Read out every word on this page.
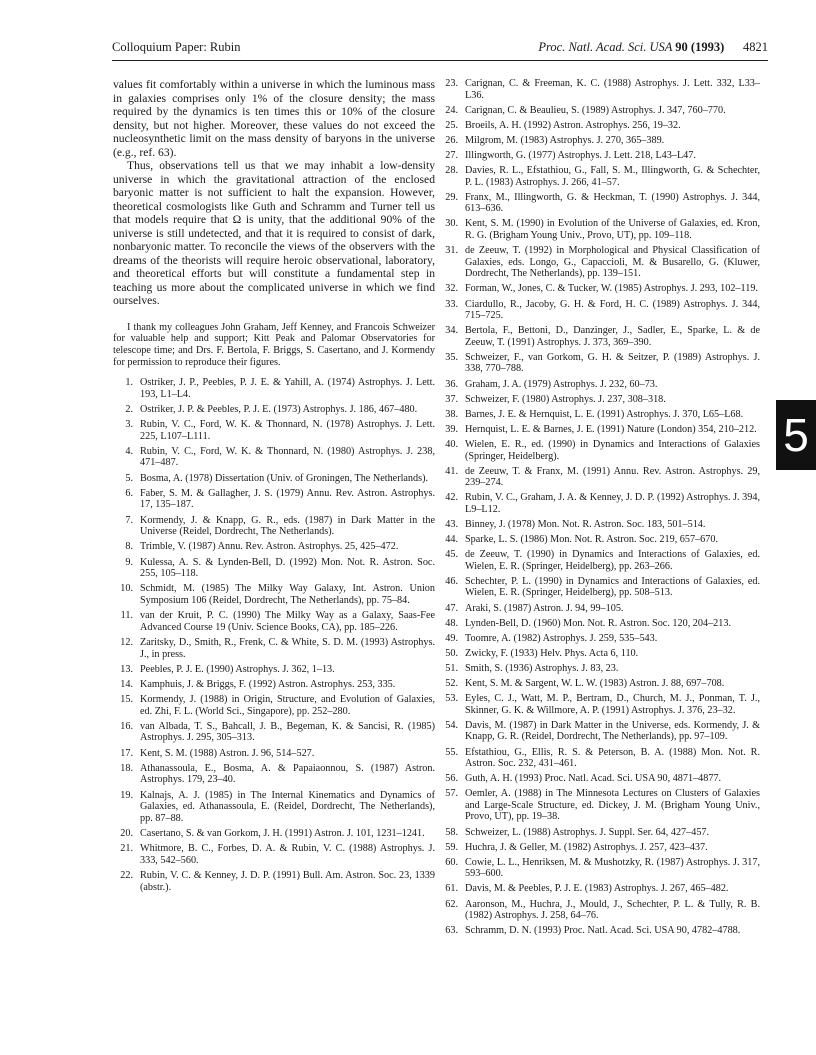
Colloquium Paper: Rubin	Proc. Natl. Acad. Sci. USA 90 (1993) 4821

values fit comfortably within a universe in which the luminous mass in galaxies comprises only 1% of the closure density; the mass required by the dynamics is ten times this or 10% of the closure density, but not higher. Moreover, these values do not exceed the nucleosynthetic limit on the mass density of baryons in the universe (e.g., ref. 63).

Thus, observations tell us that we may inhabit a low-density universe in which the gravitational attraction of the enclosed baryonic matter is not sufficient to halt the expansion. However, theoretical cosmologists like Guth and Schramm and Turner tell us that models require that Ω is unity, that the additional 90% of the universe is still undetected, and that it is required to consist of dark, nonbaryonic matter. To reconcile the views of the observers with the dreams of the theorists will require heroic observational, laboratory, and theoretical efforts but will constitute a fundamental step in teaching us more about the complicated universe in which we find ourselves.

I thank my colleagues John Graham, Jeff Kenney, and Francois Schweizer for valuable help and support; Kitt Peak and Palomar Observatories for telescope time; and Drs. F. Bertola, F. Briggs, S. Casertano, and J. Kormendy for permission to reproduce their figures.

1. Ostriker, J. P., Peebles, P. J. E. & Yahill, A. (1974) Astrophys. J. Lett. 193, L1–L4.
2. Ostriker, J. P. & Peebles, P. J. E. (1973) Astrophys. J. 186, 467–480.
3. Rubin, V. C., Ford, W. K. & Thonnard, N. (1978) Astrophys. J. Lett. 225, L107–L111.
4. Rubin, V. C., Ford, W. K. & Thonnard, N. (1980) Astrophys. J. 238, 471–487.
5. Bosma, A. (1978) Dissertation (Univ. of Groningen, The Netherlands).
6. Faber, S. M. & Gallagher, J. S. (1979) Annu. Rev. Astron. Astrophys. 17, 135–187.
7. Kormendy, J. & Knapp, G. R., eds. (1987) in Dark Matter in the Universe (Reidel, Dordrecht, The Netherlands).
8. Trimble, V. (1987) Annu. Rev. Astron. Astrophys. 25, 425–472.
9. Kulessa, A. S. & Lynden-Bell, D. (1992) Mon. Not. R. Astron. Soc. 255, 105–118.
10. Schmidt, M. (1985) The Milky Way Galaxy, Int. Astron. Union Symposium 106 (Reidel, Dordrecht, The Netherlands), pp. 75–84.
11. van der Kruit, P. C. (1990) The Milky Way as a Galaxy, Saas-Fee Advanced Course 19 (Univ. Science Books, CA), pp. 185–226.
12. Zaritsky, D., Smith, R., Frenk, C. & White, S. D. M. (1993) Astrophys. J., in press.
13. Peebles, P. J. E. (1990) Astrophys. J. 362, 1–13.
14. Kamphuis, J. & Briggs, F. (1992) Astron. Astrophys. 253, 335.
15. Kormendy, J. (1988) in Origin, Structure, and Evolution of Galaxies, ed. Zhi, F. L. (World Sci., Singapore), pp. 252–280.
16. van Albada, T. S., Bahcall, J. B., Begeman, K. & Sancisi, R. (1985) Astrophys. J. 295, 305–313.
17. Kent, S. M. (1988) Astron. J. 96, 514–527.
18. Athanassoula, E., Bosma, A. & Papaiaonnou, S. (1987) Astron. Astrophys. 179, 23–40.
19. Kalnajs, A. J. (1985) in The Internal Kinematics and Dynamics of Galaxies, ed. Athanassoula, E. (Reidel, Dordrecht, The Netherlands), pp. 87–88.
20. Casertano, S. & van Gorkom, J. H. (1991) Astron. J. 101, 1231–1241.
21. Whitmore, B. C., Forbes, D. A. & Rubin, V. C. (1988) Astrophys. J. 333, 542–560.
22. Rubin, V. C. & Kenney, J. D. P. (1991) Bull. Am. Astron. Soc. 23, 1339 (abstr.).
23. Carignan, C. & Freeman, K. C. (1988) Astrophys. J. Lett. 332, L33–L36.
24. Carignan, C. & Beaulieu, S. (1989) Astrophys. J. 347, 760–770.
25. Broeils, A. H. (1992) Astron. Astrophys. 256, 19–32.
26. Milgrom, M. (1983) Astrophys. J. 270, 365–389.
27. Illingworth, G. (1977) Astrophys. J. Lett. 218, L43–L47.
28. Davies, R. L., Efstathiou, G., Fall, S. M., Illingworth, G. & Schechter, P. L. (1983) Astrophys. J. 266, 41–57.
29. Franx, M., Illingworth, G. & Heckman, T. (1990) Astrophys. J. 344, 613–636.
30. Kent, S. M. (1990) in Evolution of the Universe of Galaxies, ed. Kron, R. G. (Brigham Young Univ., Provo, UT), pp. 109–118.
31. de Zeeuw, T. (1992) in Morphological and Physical Classification of Galaxies, eds. Longo, G., Capaccioli, M. & Busarello, G. (Kluwer, Dordrecht, The Netherlands), pp. 139–151.
32. Forman, W., Jones, C. & Tucker, W. (1985) Astrophys. J. 293, 102–119.
33. Ciardullo, R., Jacoby, G. H. & Ford, H. C. (1989) Astrophys. J. 344, 715–725.
34. Bertola, F., Bettoni, D., Danzinger, J., Sadler, E., Sparke, L. & de Zeeuw, T. (1991) Astrophys. J. 373, 369–390.
35. Schweizer, F., van Gorkom, G. H. & Seitzer, P. (1989) Astrophys. J. 338, 770–788.
36. Graham, J. A. (1979) Astrophys. J. 232, 60–73.
37. Schweizer, F. (1980) Astrophys. J. 237, 308–318.
38. Barnes, J. E. & Hernquist, L. E. (1991) Astrophys. J. 370, L65–L68.
39. Hernquist, L. E. & Barnes, J. E. (1991) Nature (London) 354, 210–212.
40. Wielen, E. R., ed. (1990) in Dynamics and Interactions of Galaxies (Springer, Heidelberg).
41. de Zeeuw, T. & Franx, M. (1991) Annu. Rev. Astron. Astrophys. 29, 239–274.
42. Rubin, V. C., Graham, J. A. & Kenney, J. D. P. (1992) Astrophys. J. 394, L9–L12.
43. Binney, J. (1978) Mon. Not. R. Astron. Soc. 183, 501–514.
44. Sparke, L. S. (1986) Mon. Not. R. Astron. Soc. 219, 657–670.
45. de Zeeuw, T. (1990) in Dynamics and Interactions of Galaxies, ed. Wielen, E. R. (Springer, Heidelberg), pp. 263–266.
46. Schechter, P. L. (1990) in Dynamics and Interactions of Galaxies, ed. Wielen, E. R. (Springer, Heidelberg), pp. 508–513.
47. Araki, S. (1987) Astron. J. 94, 99–105.
48. Lynden-Bell, D. (1960) Mon. Not. R. Astron. Soc. 120, 204–213.
49. Toomre, A. (1982) Astrophys. J. 259, 535–543.
50. Zwicky, F. (1933) Helv. Phys. Acta 6, 110.
51. Smith, S. (1936) Astrophys. J. 83, 23.
52. Kent, S. M. & Sargent, W. L. W. (1983) Astron. J. 88, 697–708.
53. Eyles, C. J., Watt, M. P., Bertram, D., Church, M. J., Ponman, T. J., Skinner, G. K. & Willmore, A. P. (1991) Astrophys. J. 376, 23–32.
54. Davis, M. (1987) in Dark Matter in the Universe, eds. Kormendy, J. & Knapp, G. R. (Reidel, Dordrecht, The Netherlands), pp. 97–109.
55. Efstathiou, G., Ellis, R. S. & Peterson, B. A. (1988) Mon. Not. R. Astron. Soc. 232, 431–461.
56. Guth, A. H. (1993) Proc. Natl. Acad. Sci. USA 90, 4871–4877.
57. Oemler, A. (1988) in The Minnesota Lectures on Clusters of Galaxies and Large-Scale Structure, ed. Dickey, J. M. (Brigham Young Univ., Provo, UT), pp. 19–38.
58. Schweizer, L. (1988) Astrophys. J. Suppl. Ser. 64, 427–457.
59. Huchra, J. & Geller, M. (1982) Astrophys. J. 257, 423–437.
60. Cowie, L. L., Henriksen, M. & Mushotzky, R. (1987) Astrophys. J. 317, 593–600.
61. Davis, M. & Peebles, P. J. E. (1983) Astrophys. J. 267, 465–482.
62. Aaronson, M., Huchra, J., Mould, J., Schechter, P. L. & Tully, R. B. (1982) Astrophys. J. 258, 64–76.
63. Schramm, D. N. (1993) Proc. Natl. Acad. Sci. USA 90, 4782–4788.
5
